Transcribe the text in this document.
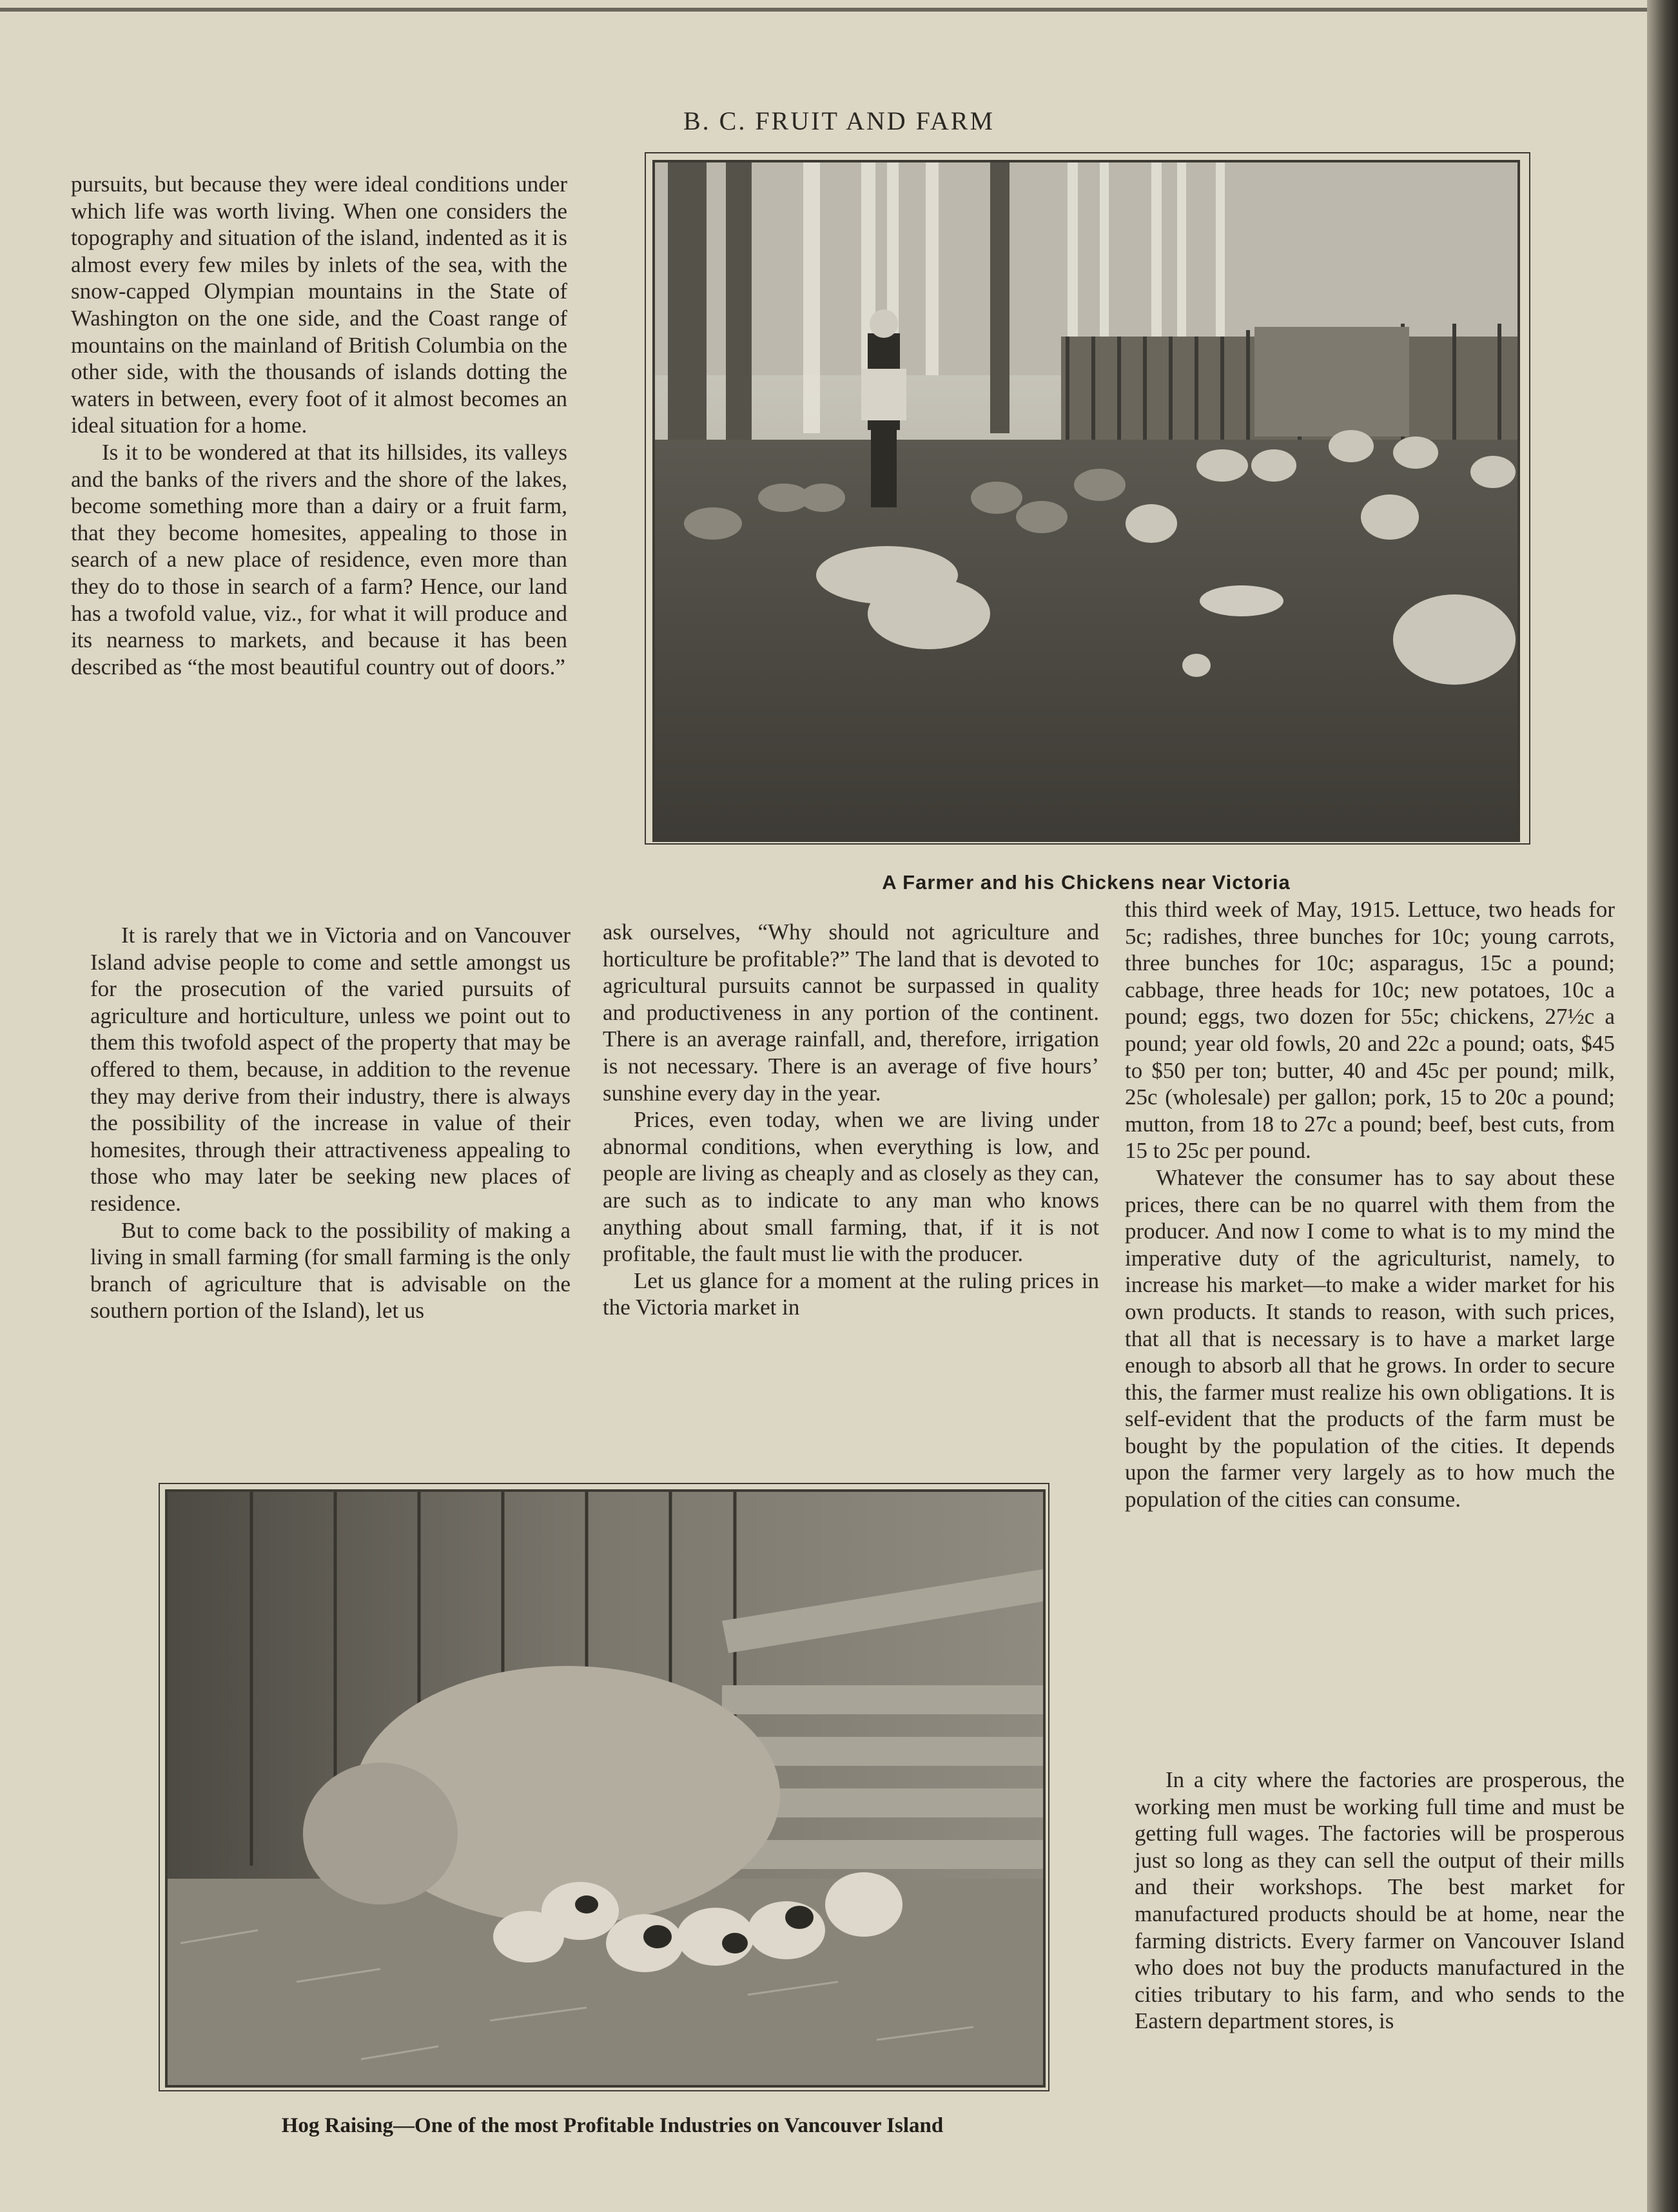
B. C. FRUIT AND FARM

pursuits, but because they were ideal conditions under which life was worth living. When one considers the topography and situation of the island, indented as it is almost every few miles by inlets of the sea, with the snow-capped Olympian mountains in the State of Washington on the one side, and the Coast range of mountains on the mainland of British Columbia on the other side, with the thousands of islands dotting the waters in between, every foot of it almost becomes an ideal situation for a home.

Is it to be wondered at that its hillsides, its valleys and the banks of the rivers and the shore of the lakes, become something more than a dairy or a fruit farm, that they become homesites, appealing to those in search of a new place of residence, even more than they do to those in search of a farm? Hence, our land has a twofold value, viz., for what it will produce and its nearness to markets, and because it has been described as “the most beautiful country out of doors.”

A Farmer and his Chickens near Victoria

It is rarely that we in Victoria and on Vancouver Island advise people to come and settle amongst us for the prosecution of the varied pursuits of agriculture and horticulture, unless we point out to them this twofold aspect of the property that may be offered to them, because, in addition to the revenue they may derive from their industry, there is always the possibility of the increase in value of their homesites, through their attractiveness appealing to those who may later be seeking new places of residence.

But to come back to the possibility of making a living in small farming (for small farming is the only branch of agriculture that is advisable on the southern portion of the Island), let us

ask ourselves, “Why should not agriculture and horticulture be profitable?” The land that is devoted to agricultural pursuits cannot be surpassed in quality and productiveness in any portion of the continent. There is an average rainfall, and, therefore, irrigation is not necessary. There is an average of five hours’ sunshine every day in the year.

Prices, even today, when we are living under abnormal conditions, when everything is low, and people are living as cheaply and as closely as they can, are such as to indicate to any man who knows anything about small farming, that, if it is not profitable, the fault must lie with the producer.

Let us glance for a moment at the ruling prices in the Victoria market in

this third week of May, 1915. Lettuce, two heads for 5c; radishes, three bunches for 10c; young carrots, three bunches for 10c; asparagus, 15c a pound; cabbage, three heads for 10c; new potatoes, 10c a pound; eggs, two dozen for 55c; chickens, 27½c a pound; year old fowls, 20 and 22c a pound; oats, $45 to $50 per ton; butter, 40 and 45c per pound; milk, 25c (wholesale) per gallon; pork, 15 to 20c a pound; mutton, from 18 to 27c a pound; beef, best cuts, from 15 to 25c per pound.

Whatever the consumer has to say about these prices, there can be no quarrel with them from the producer. And now I come to what is to my mind the imperative duty of the agriculturist, namely, to increase his market—to make a wider market for his own products. It stands to reason, with such prices, that all that is necessary is to have a market large enough to absorb all that he grows. In order to secure this, the farmer must realize his own obligations. It is self-evident that the products of the farm must be bought by the population of the cities. It depends upon the farmer very largely as to how much the population of the cities can consume.

In a city where the factories are prosperous, the working men must be working full time and must be getting full wages. The factories will be prosperous just so long as they can sell the output of their mills and their workshops. The best market for manufactured products should be at home, near the farming districts. Every farmer on Vancouver Island who does not buy the products manufactured in the cities tributary to his farm, and who sends to the Eastern department stores, is

Hog Raising—One of the most Profitable Industries on Vancouver Island
